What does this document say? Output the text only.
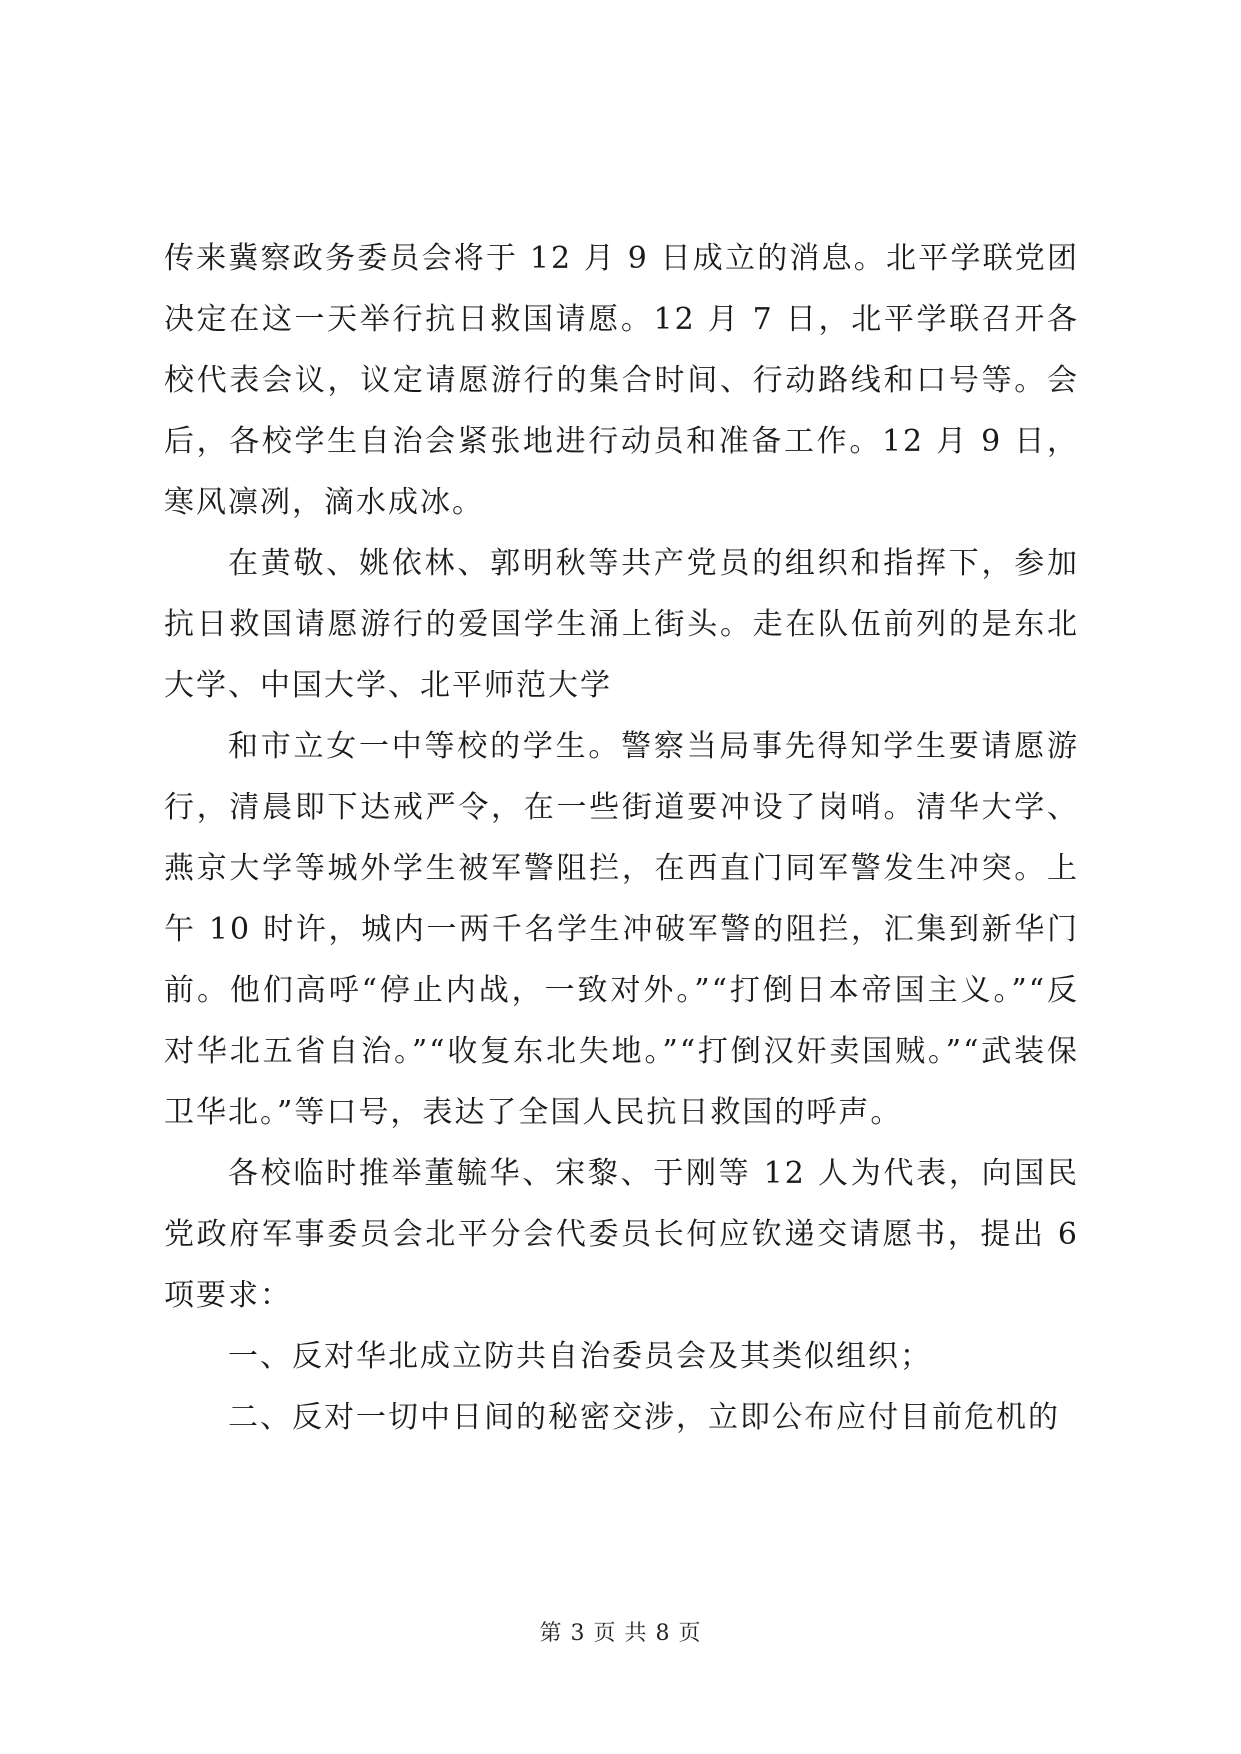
传来冀察政务委员会将于 12 月 9 日成立的消息。北平学联党团决定在这一天举行抗日救国请愿。12 月 7 日，北平学联召开各校代表会议，议定请愿游行的集合时间、行动路线和口号等。会后，各校学生自治会紧张地进行动员和准备工作。12 月 9 日，寒风凛冽，滴水成冰。

在黄敬、姚依林、郭明秋等共产党员的组织和指挥下，参加抗日救国请愿游行的爱国学生涌上街头。走在队伍前列的是东北大学、中国大学、北平师范大学

和市立女一中等校的学生。警察当局事先得知学生要请愿游行，清晨即下达戒严令，在一些街道要冲设了岗哨。清华大学、燕京大学等城外学生被军警阻拦，在西直门同军警发生冲突。上午 10 时许，城内一两千名学生冲破军警的阻拦，汇集到新华门前。他们高呼“停止内战，一致对外。”“打倒日本帝国主义。”“反对华北五省自治。”“收复东北失地。”“打倒汉奸卖国贼。”“武装保卫华北。”等口号，表达了全国人民抗日救国的呼声。

各校临时推举董毓华、宋黎、于刚等 12 人为代表，向国民党政府军事委员会北平分会代委员长何应钦递交请愿书，提出 6 项要求：

一、反对华北成立防共自治委员会及其类似组织；

二、反对一切中日间的秘密交涉，立即公布应付目前危机的

第 3 页 共 8 页
